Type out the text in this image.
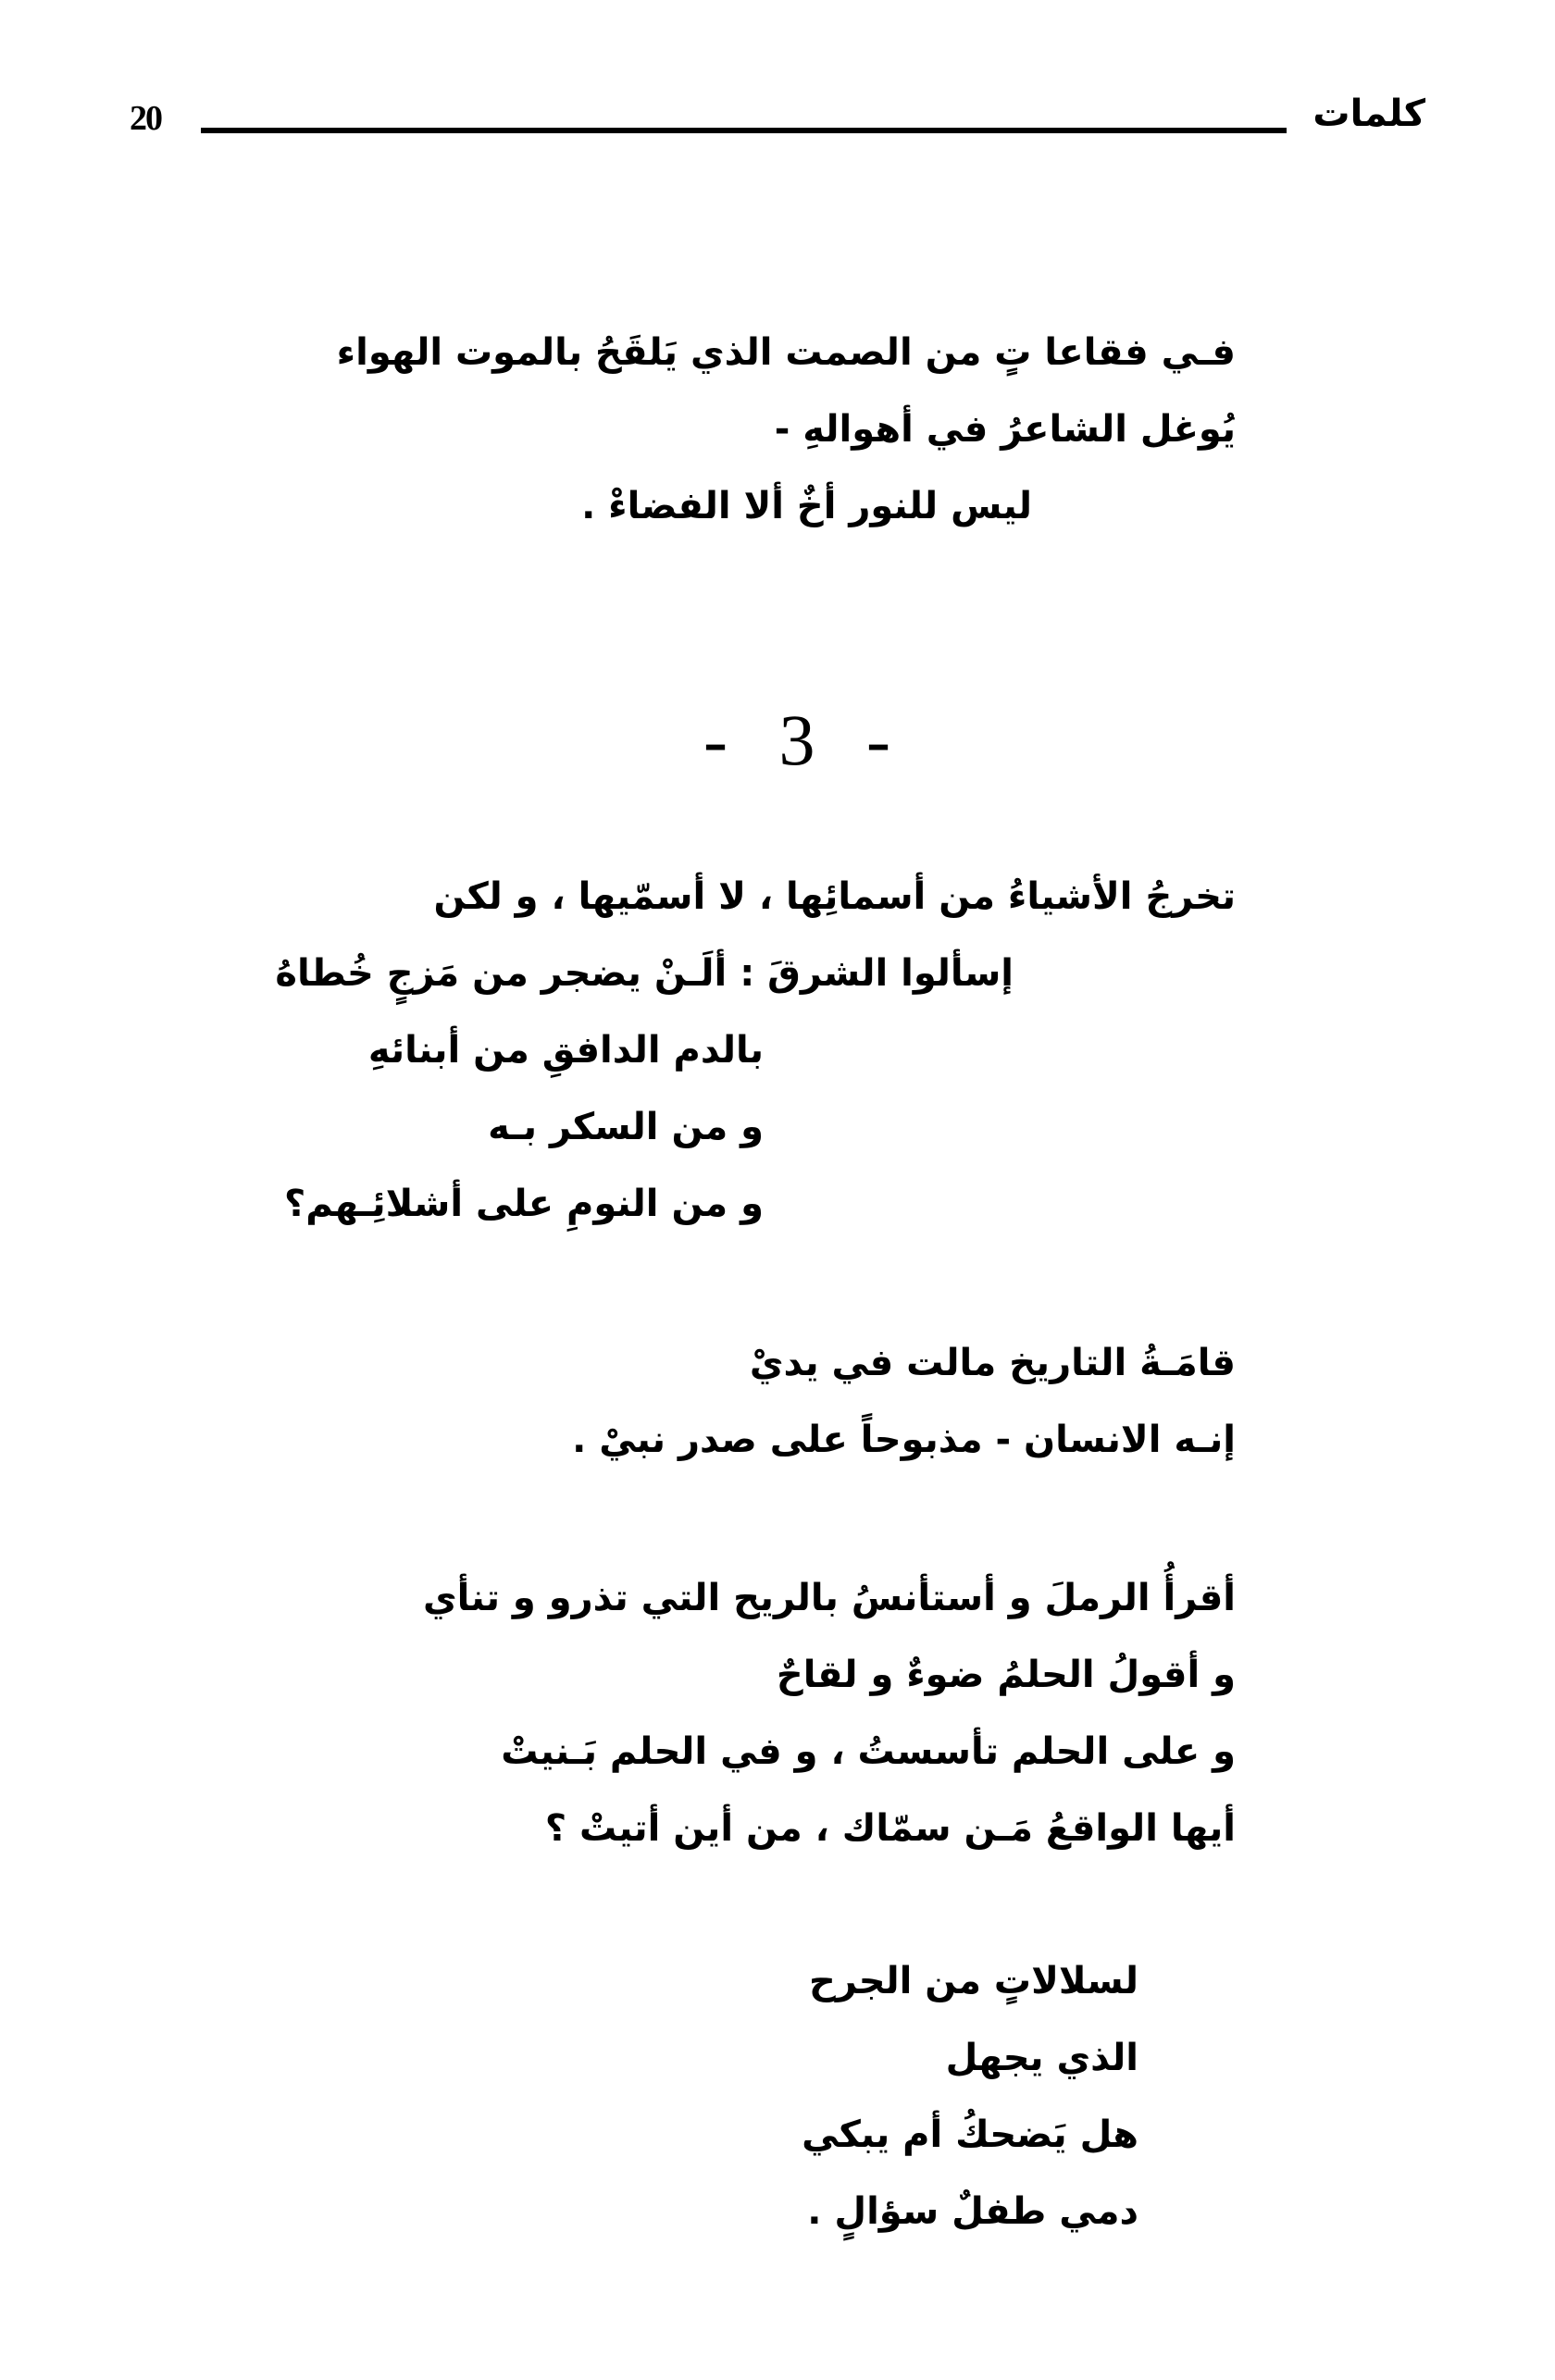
20	كلمات
فـي فقاعا تٍ من الصمت الذي يَلقَحُ بالموت الهواء
يُوغل الشاعرُ في أهوالهِ -
ليس للنور أخٌ ألا الفضاءْ .
- 3 -
تخرجُ الأشياءُ من أسمائِها ، لا أسمّيها ، و لكن
إسألوا الشرقَ : ألَـنْ يضجر من مَزجٍ خُطاهُ
بالدم الدافقِ من أبنائهِ
و من السكر بـه
و من النومِ على أشلائِـهم؟
قامَـةُ التاريخ مالت في يديْ
إنـه الانسان - مذبوحاً على صدر نبيْ .
أقرأُ الرملَ و أستأنسُ بالريح التي تذرو و تنأي
و أقولُ الحلمُ ضوءٌ و لقاحٌ
و على الحلم تأسستُ ، و في الحلم بَـنيتْ
أيها الواقعُ مَـن سمّاك ، من أين أتيتْ ؟
لسلالاتٍ من الجرح
الذي يجهل
هل يَضحكُ أم يبكي
دمي طفلٌ سؤالٍ .
